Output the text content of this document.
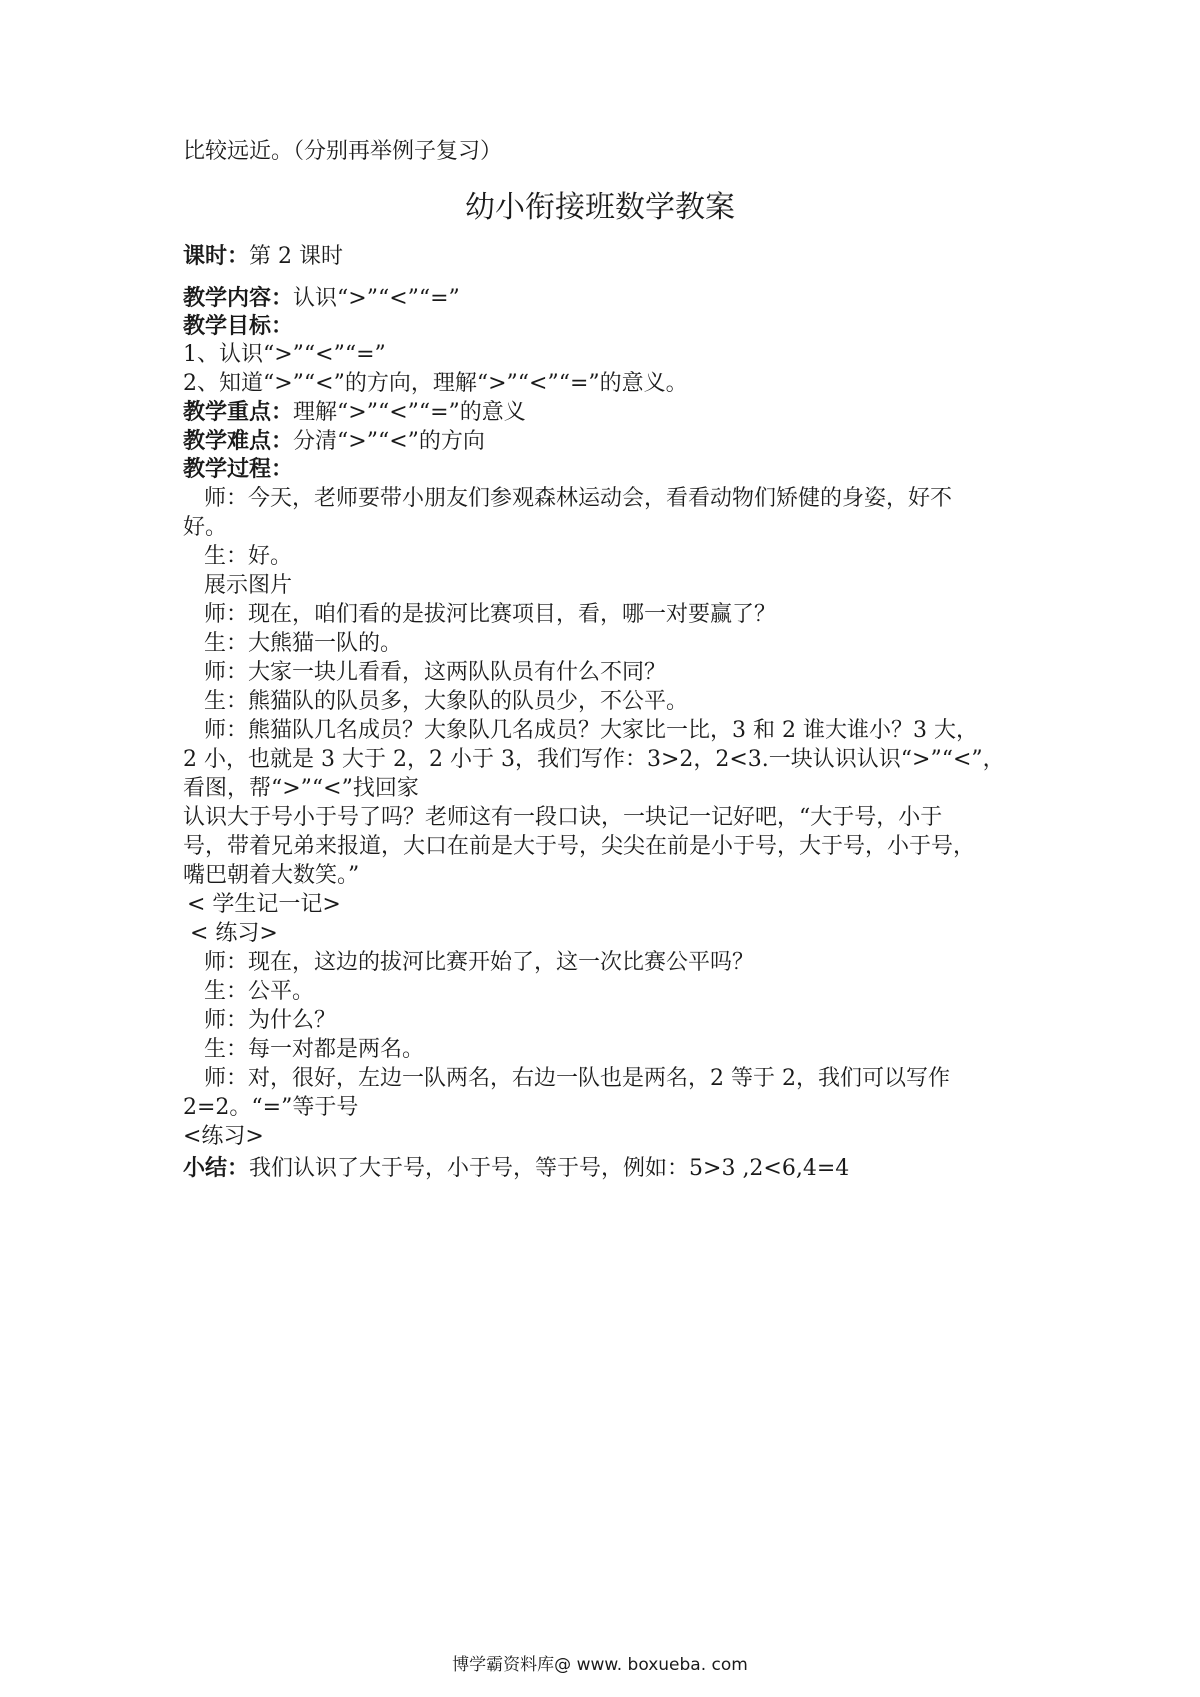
比较远近。（分别再举例子复习）
幼小衔接班数学教案
课时：第 2 课时
教学内容：认识“>”“<”“=”
教学目标：
1、认识“>”“<”“=”
2、知道“>”“<”的方向，理解“>”“<”“=”的意义。
教学重点：理解“>”“<”“=”的意义
教学难点：分清“>”“<”的方向
教学过程：
师：今天，老师要带小朋友们参观森林运动会，看看动物们矫健的身姿，好不
好。
生：好。
展示图片
师：现在，咱们看的是拔河比赛项目，看，哪一对要赢了？
生：大熊猫一队的。
师：大家一块儿看看，这两队队员有什么不同？
生：熊猫队的队员多，大象队的队员少，不公平。
师：熊猫队几名成员？大象队几名成员？大家比一比，3 和 2 谁大谁小？3 大，
2 小，也就是 3 大于 2，2 小于 3，我们写作：3>2，2<3.一块认识认识“>”“<”，
看图，帮“>”“<”找回家
认识大于号小于号了吗？老师这有一段口诀，一块记一记好吧，“大于号，小于
号，带着兄弟来报道，大口在前是大于号，尖尖在前是小于号，大于号，小于号，
嘴巴朝着大数笑。”
< 学生记一记>
< 练习>
师：现在，这边的拔河比赛开始了，这一次比赛公平吗？
生：公平。
师：为什么？
生：每一对都是两名。
师：对，很好，左边一队两名，右边一队也是两名，2 等于 2，我们可以写作
2=2。“=”等于号
<练习>
小结：我们认识了大于号，小于号，等于号，例如：5>3 ,2<6,4=4
博学霸资料库@ www. boxueba. com
